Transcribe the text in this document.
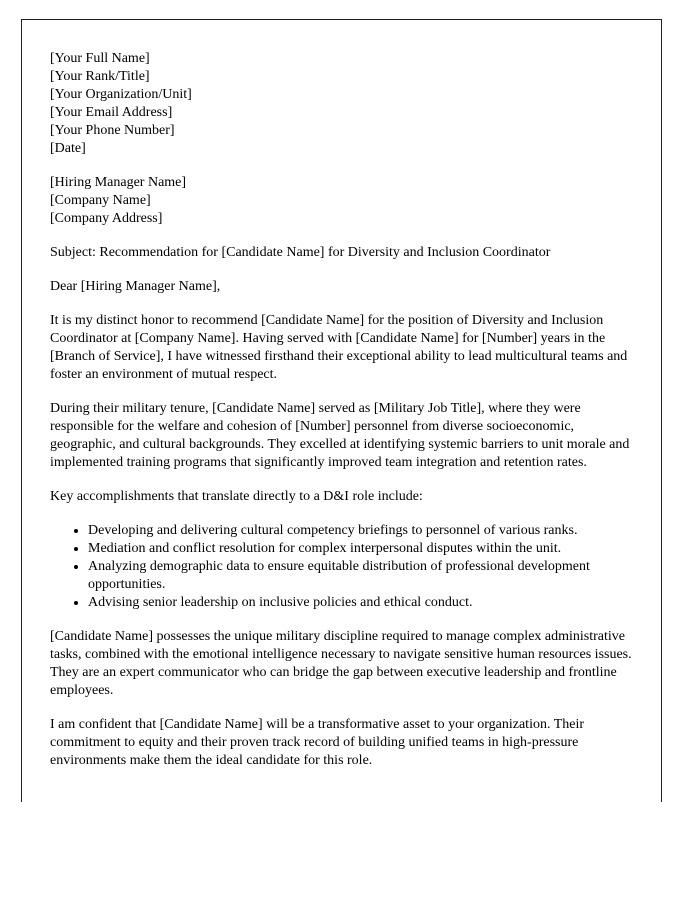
[Your Full Name]
[Your Rank/Title]
[Your Organization/Unit]
[Your Email Address]
[Your Phone Number]
[Date]

[Hiring Manager Name]
[Company Name]
[Company Address]

Subject: Recommendation for [Candidate Name] for Diversity and Inclusion Coordinator

Dear [Hiring Manager Name],

It is my distinct honor to recommend [Candidate Name] for the position of Diversity and Inclusion Coordinator at [Company Name]. Having served with [Candidate Name] for [Number] years in the [Branch of Service], I have witnessed firsthand their exceptional ability to lead multicultural teams and foster an environment of mutual respect.

During their military tenure, [Candidate Name] served as [Military Job Title], where they were responsible for the welfare and cohesion of [Number] personnel from diverse socioeconomic, geographic, and cultural backgrounds. They excelled at identifying systemic barriers to unit morale and implemented training programs that significantly improved team integration and retention rates.

Key accomplishments that translate directly to a D&I role include:

• Developing and delivering cultural competency briefings to personnel of various ranks.
• Mediation and conflict resolution for complex interpersonal disputes within the unit.
• Analyzing demographic data to ensure equitable distribution of professional development opportunities.
• Advising senior leadership on inclusive policies and ethical conduct.

[Candidate Name] possesses the unique military discipline required to manage complex administrative tasks, combined with the emotional intelligence necessary to navigate sensitive human resources issues. They are an expert communicator who can bridge the gap between executive leadership and frontline employees.

I am confident that [Candidate Name] will be a transformative asset to your organization. Their commitment to equity and their proven track record of building unified teams in high-pressure environments make them the ideal candidate for this role.
